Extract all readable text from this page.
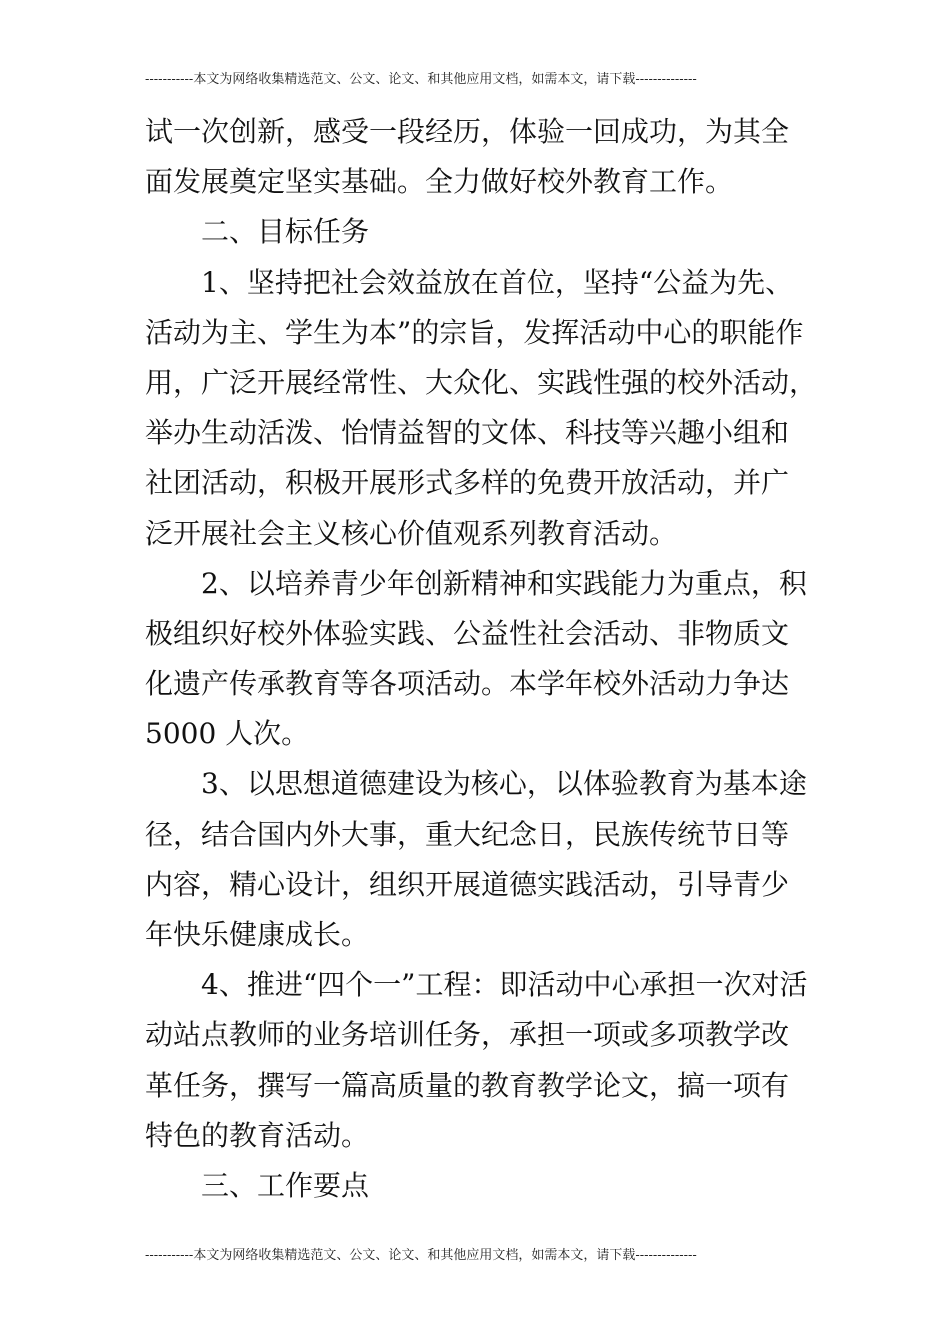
-----------本文为网络收集精选范文、公文、论文、和其他应用文档，如需本文，请下载--------------
试一次创新，感受一段经历，体验一回成功，为其全
面发展奠定坚实基础。全力做好校外教育工作。
二、目标任务
1、坚持把社会效益放在首位，坚持“公益为先、
活动为主、学生为本”的宗旨，发挥活动中心的职能作
用，广泛开展经常性、大众化、实践性强的校外活动，
举办生动活泼、怡情益智的文体、科技等兴趣小组和
社团活动，积极开展形式多样的免费开放活动，并广
泛开展社会主义核心价值观系列教育活动。
2、以培养青少年创新精神和实践能力为重点，积
极组织好校外体验实践、公益性社会活动、非物质文
化遗产传承教育等各项活动。本学年校外活动力争达
5000 人次。
3、以思想道德建设为核心，以体验教育为基本途
径，结合国内外大事，重大纪念日，民族传统节日等
内容，精心设计，组织开展道德实践活动，引导青少
年快乐健康成长。
4、推进“四个一”工程：即活动中心承担一次对活
动站点教师的业务培训任务，承担一项或多项教学改
革任务，撰写一篇高质量的教育教学论文，搞一项有
特色的教育活动。
三、工作要点
-----------本文为网络收集精选范文、公文、论文、和其他应用文档，如需本文，请下载--------------
